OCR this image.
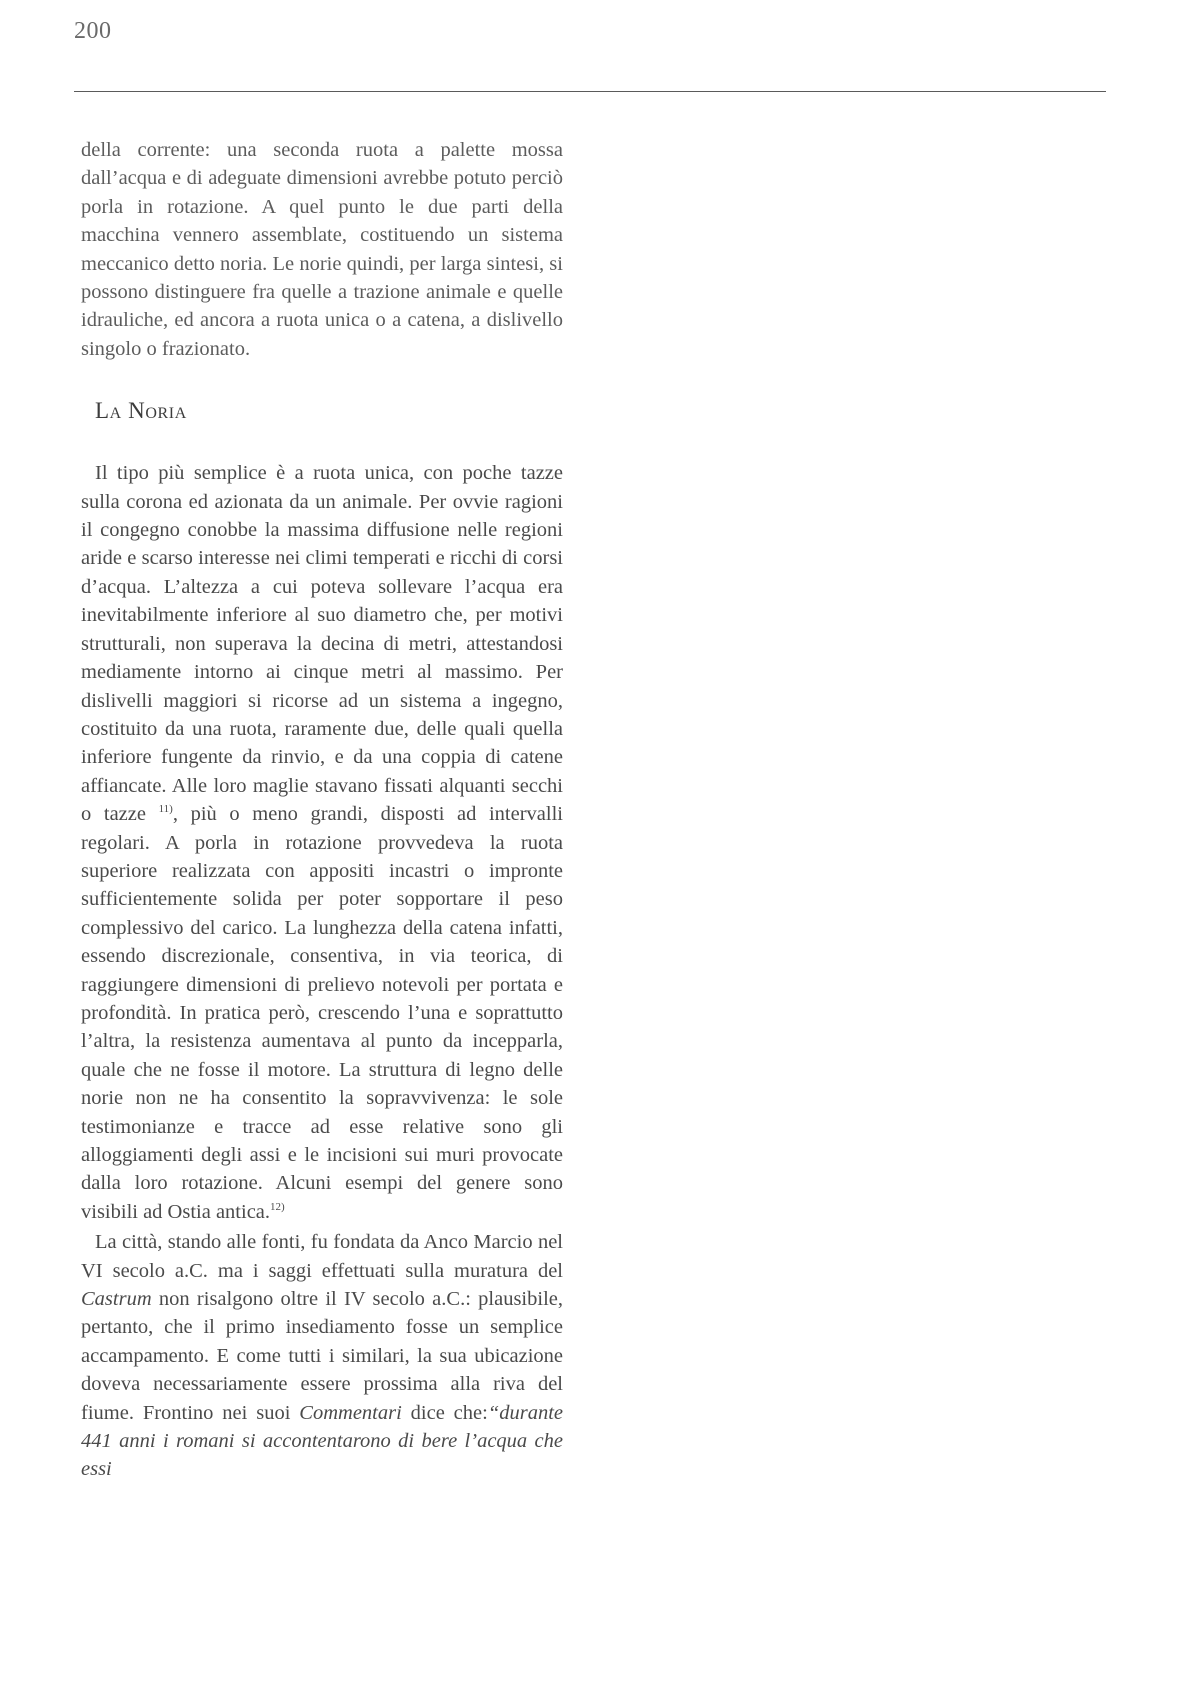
200

della corrente: una seconda ruota a palette mossa dall’acqua e di adeguate dimensioni avrebbe potuto perciò porla in rotazione. A quel punto le due parti della macchina vennero assemblate, costituendo un sistema meccanico detto noria. Le norie quindi, per larga sintesi, si possono distinguere fra quelle a trazione animale e quelle idrauliche, ed ancora a ruota unica o a catena, a dislivello singolo o frazionato.

La Noria

Il tipo più semplice è a ruota unica, con poche tazze sulla corona ed azionata da un animale. Per ovvie ragioni il congegno conobbe la massima diffusione nelle regioni aride e scarso interesse nei climi temperati e ricchi di corsi d’acqua. L’altezza a cui poteva sollevare l’acqua era inevitabilmente inferiore al suo diametro che, per motivi strutturali, non superava la decina di metri, attestandosi mediamente intorno ai cinque metri al massimo. Per dislivelli maggiori si ricorse ad un sistema a ingegno, costituito da una ruota, raramente due, delle quali quella inferiore fungente da rinvio, e da una coppia di catene affiancate. Alle loro maglie stavano fissati alquanti secchi o tazze $^{11)}$, più o meno grandi, disposti ad intervalli regolari. A porla in rotazione provvedeva la ruota superiore realizzata con appositi incastri o impronte sufficientemente solida per poter sopportare il peso complessivo del carico. La lunghezza della catena infatti, essendo discrezionale, consentiva, in via teorica, di raggiungere dimensioni di prelievo notevoli per portata e profondità. In pratica però, crescendo l’una e soprattutto l’altra, la resistenza aumentava al punto da incepparla, quale che ne fosse il motore. La struttura di legno delle norie non ne ha consentito la sopravvivenza: le sole testimonianze e tracce ad esse relative sono gli alloggiamenti degli assi e le incisioni sui muri provocate dalla loro rotazione. Alcuni esempi del genere sono visibili ad Ostia antica.$^{12)}$

La città, stando alle fonti, fu fondata da Anco Marcio nel VI secolo a.C. ma i saggi effettuati sulla muratura del Castrum non risalgono oltre il IV secolo a.C.: plausibile, pertanto, che il primo insediamento fosse un semplice accampamento. E come tutti i similari, la sua ubicazione doveva necessariamente essere prossima alla riva del fiume. Frontino nei suoi Commentari dice che:“durante 441 anni i romani si accontentarono di bere l’acqua che essi
